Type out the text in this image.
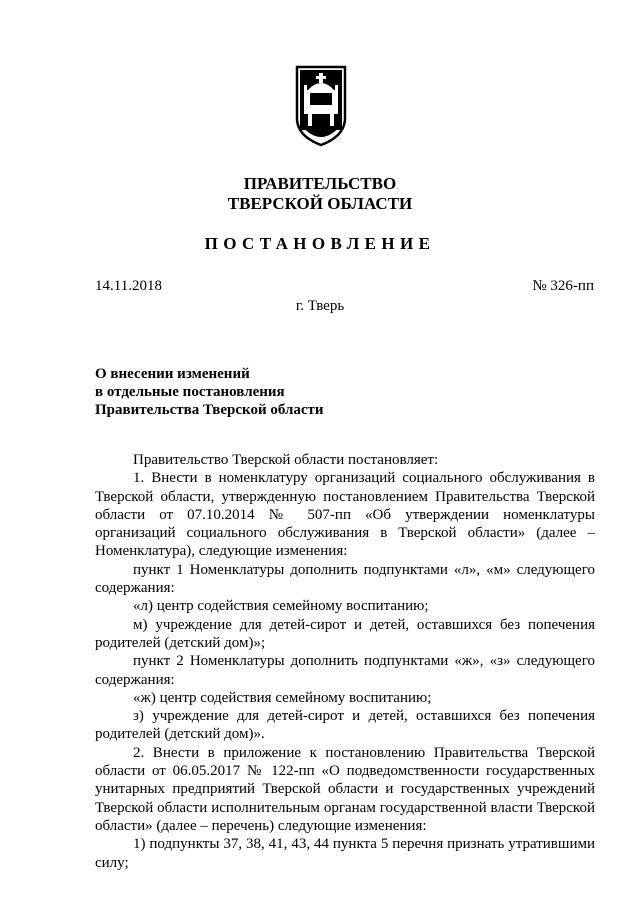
ПРАВИТЕЛЬСТВО
ТВЕРСКОЙ ОБЛАСТИ
ПОСТАНОВЛЕНИЕ
14.11.2018	№ 326-пп
г. Тверь
О внесении изменений
в отдельные постановления
Правительства Тверской области

Правительство Тверской области постановляет:

1. Внести в номенклатуру организаций социального обслуживания в Тверской области, утвержденную постановлением Правительства Тверской области от 07.10.2014 № 507-пп «Об утверждении номенклатуры организаций социального обслуживания в Тверской области» (далее – Номенклатура), следующие изменения:

пункт 1 Номенклатуры дополнить подпунктами «л», «м» следующего содержания:

«л) центр содействия семейному воспитанию;

м) учреждение для детей-сирот и детей, оставшихся без попечения родителей (детский дом)»;

пункт 2 Номенклатуры дополнить подпунктами «ж», «з» следующего содержания:

«ж) центр содействия семейному воспитанию;

з) учреждение для детей-сирот и детей, оставшихся без попечения родителей (детский дом)».

2. Внести в приложение к постановлению Правительства Тверской области от 06.05.2017 № 122-пп «О подведомственности государственных унитарных предприятий Тверской области и государственных учреждений Тверской области исполнительным органам государственной власти Тверской области» (далее – перечень) следующие изменения:

1) подпункты 37, 38, 41, 43, 44 пункта 5 перечня признать утратившими силу;
